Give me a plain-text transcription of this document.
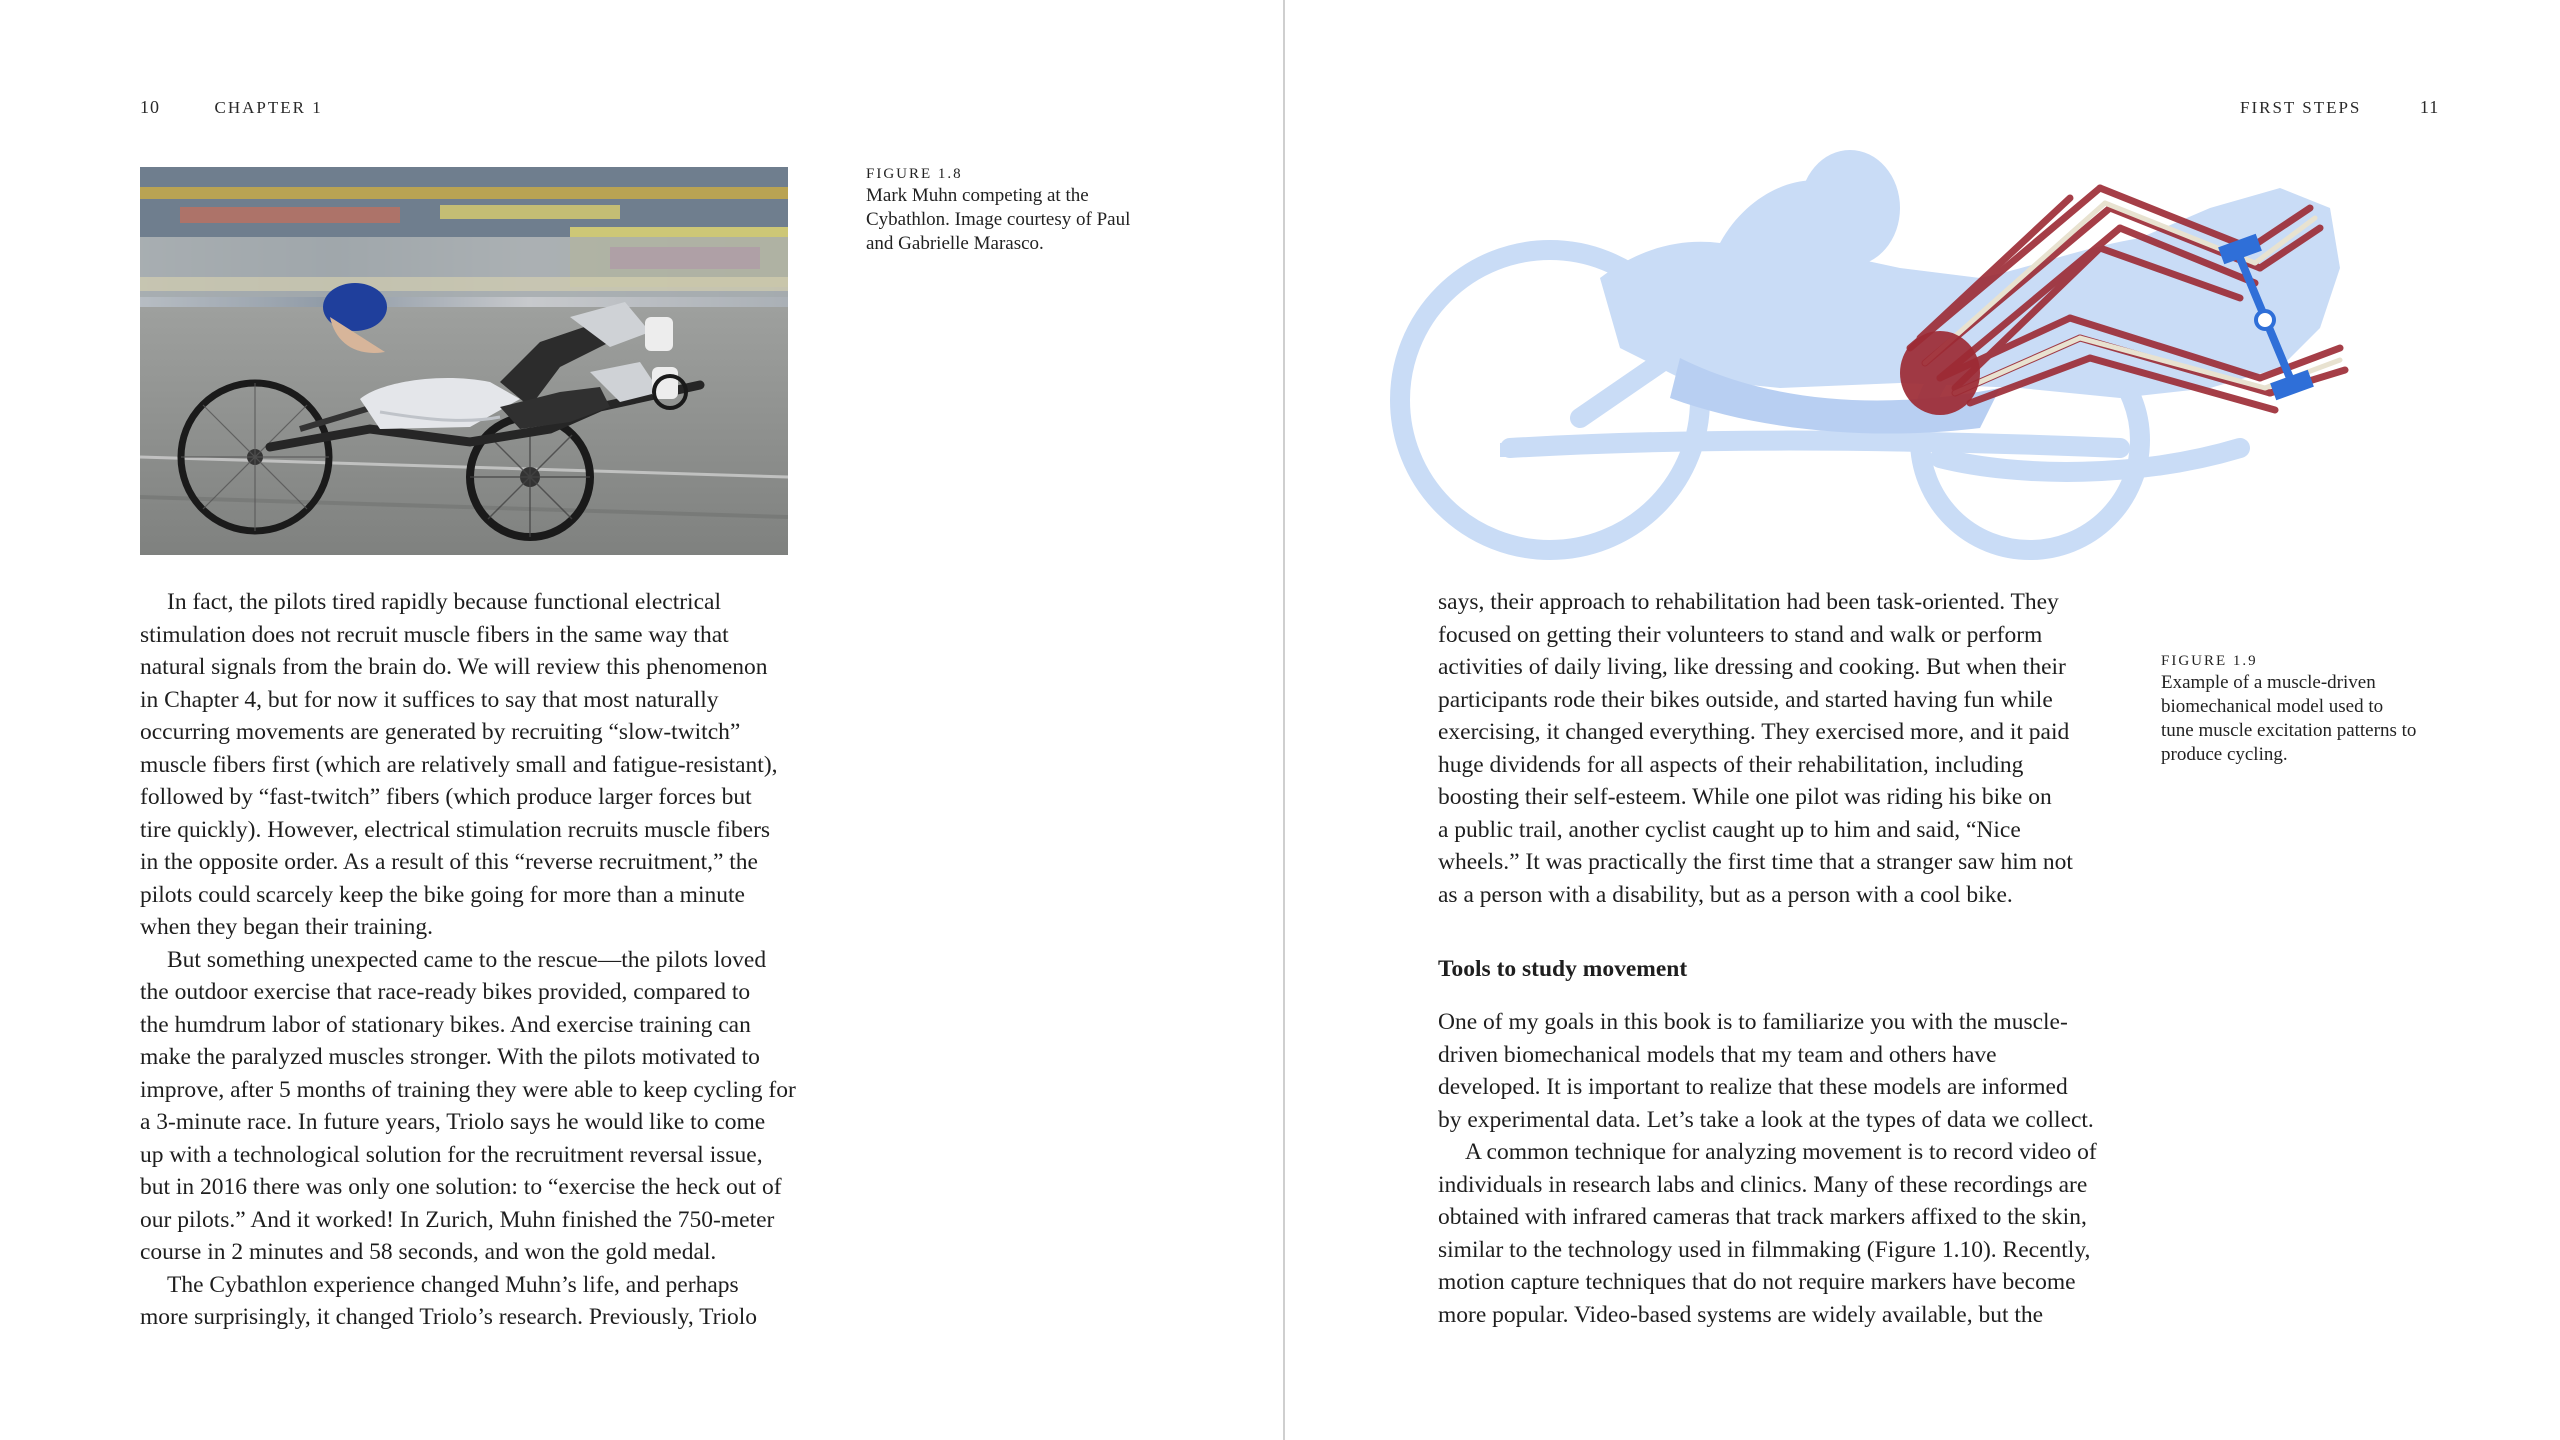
10	CHAPTER 1
FIGURE 1.8
Mark Muhn competing at the
Cybathlon. Image courtesy of Paul
and Gabrielle Marasco.
In fact, the pilots tired rapidly because functional electrical
stimulation does not recruit muscle fibers in the same way that
natural signals from the brain do. We will review this phenomenon
in Chapter 4, but for now it suffices to say that most naturally
occurring movements are generated by recruiting “slow-twitch”
muscle fibers first (which are relatively small and fatigue-resistant),
followed by “fast-twitch” fibers (which produce larger forces but
tire quickly). However, electrical stimulation recruits muscle fibers
in the opposite order. As a result of this “reverse recruitment,” the
pilots could scarcely keep the bike going for more than a minute
when they began their training.
But something unexpected came to the rescue—the pilots loved
the outdoor exercise that race-ready bikes provided, compared to
the humdrum labor of stationary bikes. And exercise training can
make the paralyzed muscles stronger. With the pilots motivated to
improve, after 5 months of training they were able to keep cycling for
a 3-minute race. In future years, Triolo says he would like to come
up with a technological solution for the recruitment reversal issue,
but in 2016 there was only one solution: to “exercise the heck out of
our pilots.” And it worked! In Zurich, Muhn finished the 750-meter
course in 2 minutes and 58 seconds, and won the gold medal.
The Cybathlon experience changed Muhn’s life, and perhaps
more surprisingly, it changed Triolo’s research. Previously, Triolo
FIRST STEPS	11
FIGURE 1.9
Example of a muscle-driven
biomechanical model used to
tune muscle excitation patterns to
produce cycling.
says, their approach to rehabilitation had been task-oriented. They
focused on getting their volunteers to stand and walk or perform
activities of daily living, like dressing and cooking. But when their
participants rode their bikes outside, and started having fun while
exercising, it changed everything. They exercised more, and it paid
huge dividends for all aspects of their rehabilitation, including
boosting their self-esteem. While one pilot was riding his bike on
a public trail, another cyclist caught up to him and said, “Nice
wheels.” It was practically the first time that a stranger saw him not
as a person with a disability, but as a person with a cool bike.
Tools to study movement
One of my goals in this book is to familiarize you with the muscle-
driven biomechanical models that my team and others have
developed. It is important to realize that these models are informed
by experimental data. Let’s take a look at the types of data we collect.
A common technique for analyzing movement is to record video of
individuals in research labs and clinics. Many of these recordings are
obtained with infrared cameras that track markers affixed to the skin,
similar to the technology used in filmmaking (Figure 1.10). Recently,
motion capture techniques that do not require markers have become
more popular. Video-based systems are widely available, but the
